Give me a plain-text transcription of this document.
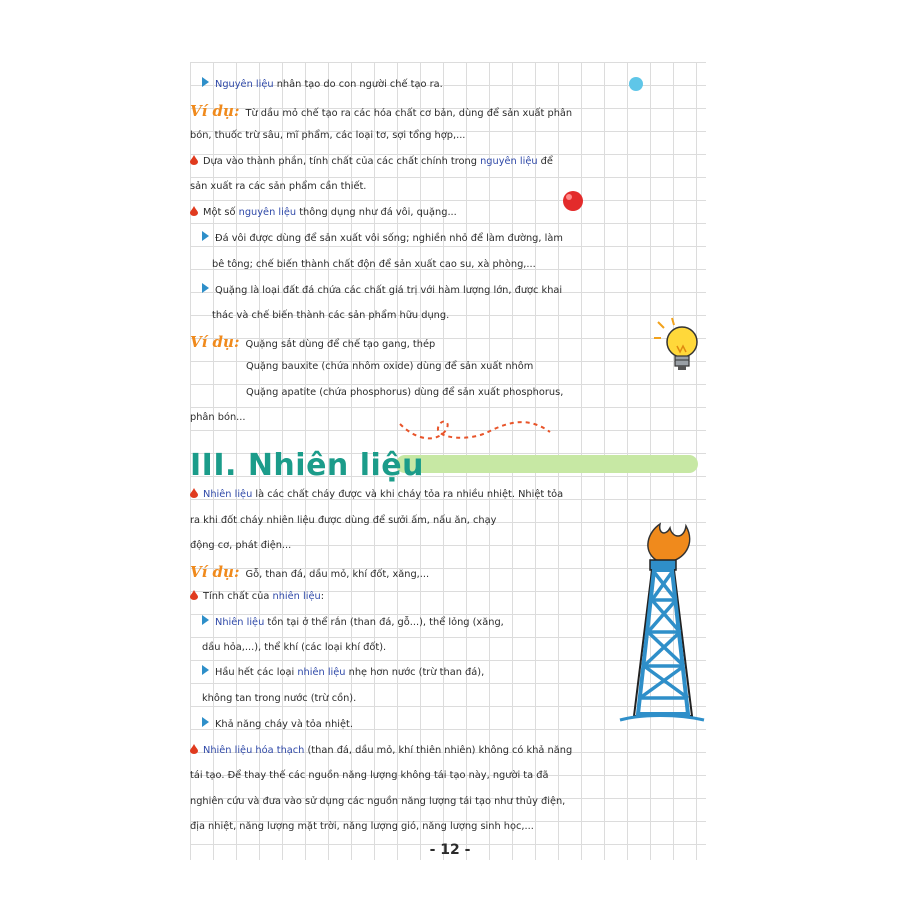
Nguyên liệu nhân tạo do con người chế tạo ra.
Ví dụ: Từ dầu mỏ chế tạo ra các hóa chất cơ bản, dùng để sản xuất phân
bón, thuốc trừ sâu, mĩ phẩm, các loại tơ, sợi tổng hợp,...
Dựa vào thành phần, tính chất của các chất chính trong nguyên liệu để
sản xuất ra các sản phẩm cần thiết.
Một số nguyên liệu thông dụng như đá vôi, quặng...
Đá vôi được dùng để sản xuất vôi sống; nghiền nhỏ để làm đường, làm
bê tông; chế biến thành chất độn để sản xuất cao su, xà phòng,...
Quặng là loại đất đá chứa các chất giá trị với hàm lượng lớn, được khai
thác và chế biến thành các sản phẩm hữu dụng.
Ví dụ: Quặng sắt dùng để chế tạo gang, thép
Quặng bauxite (chứa nhôm oxide) dùng để sản xuất nhôm
Quặng apatite (chứa phosphorus) dùng để sản xuất phosphorus,
phân bón...
III. Nhiên liệu
Nhiên liệu là các chất cháy được và khi cháy tỏa ra nhiều nhiệt. Nhiệt tỏa
ra khi đốt cháy nhiên liệu được dùng để sưởi ấm, nấu ăn, chạy
động cơ, phát điện...
Ví dụ: Gỗ, than đá, dầu mỏ, khí đốt, xăng,...
Tính chất của nhiên liệu:
Nhiên liệu tồn tại ở thể rắn (than đá, gỗ...), thể lỏng (xăng,
dầu hỏa,...), thể khí (các loại khí đốt).
Hầu hết các loại nhiên liệu nhẹ hơn nước (trừ than đá),
không tan trong nước (trừ cồn).
Khả năng cháy và tỏa nhiệt.
Nhiên liệu hóa thạch (than đá, dầu mỏ, khí thiên nhiên) không có khả năng
tái tạo. Để thay thế các nguồn năng lượng không tái tạo này, người ta đã
nghiên cứu và đưa vào sử dụng các nguồn năng lượng tái tạo như thủy điện,
địa nhiệt, năng lượng mặt trời, năng lượng gió, năng lượng sinh học,...
- 12 -
